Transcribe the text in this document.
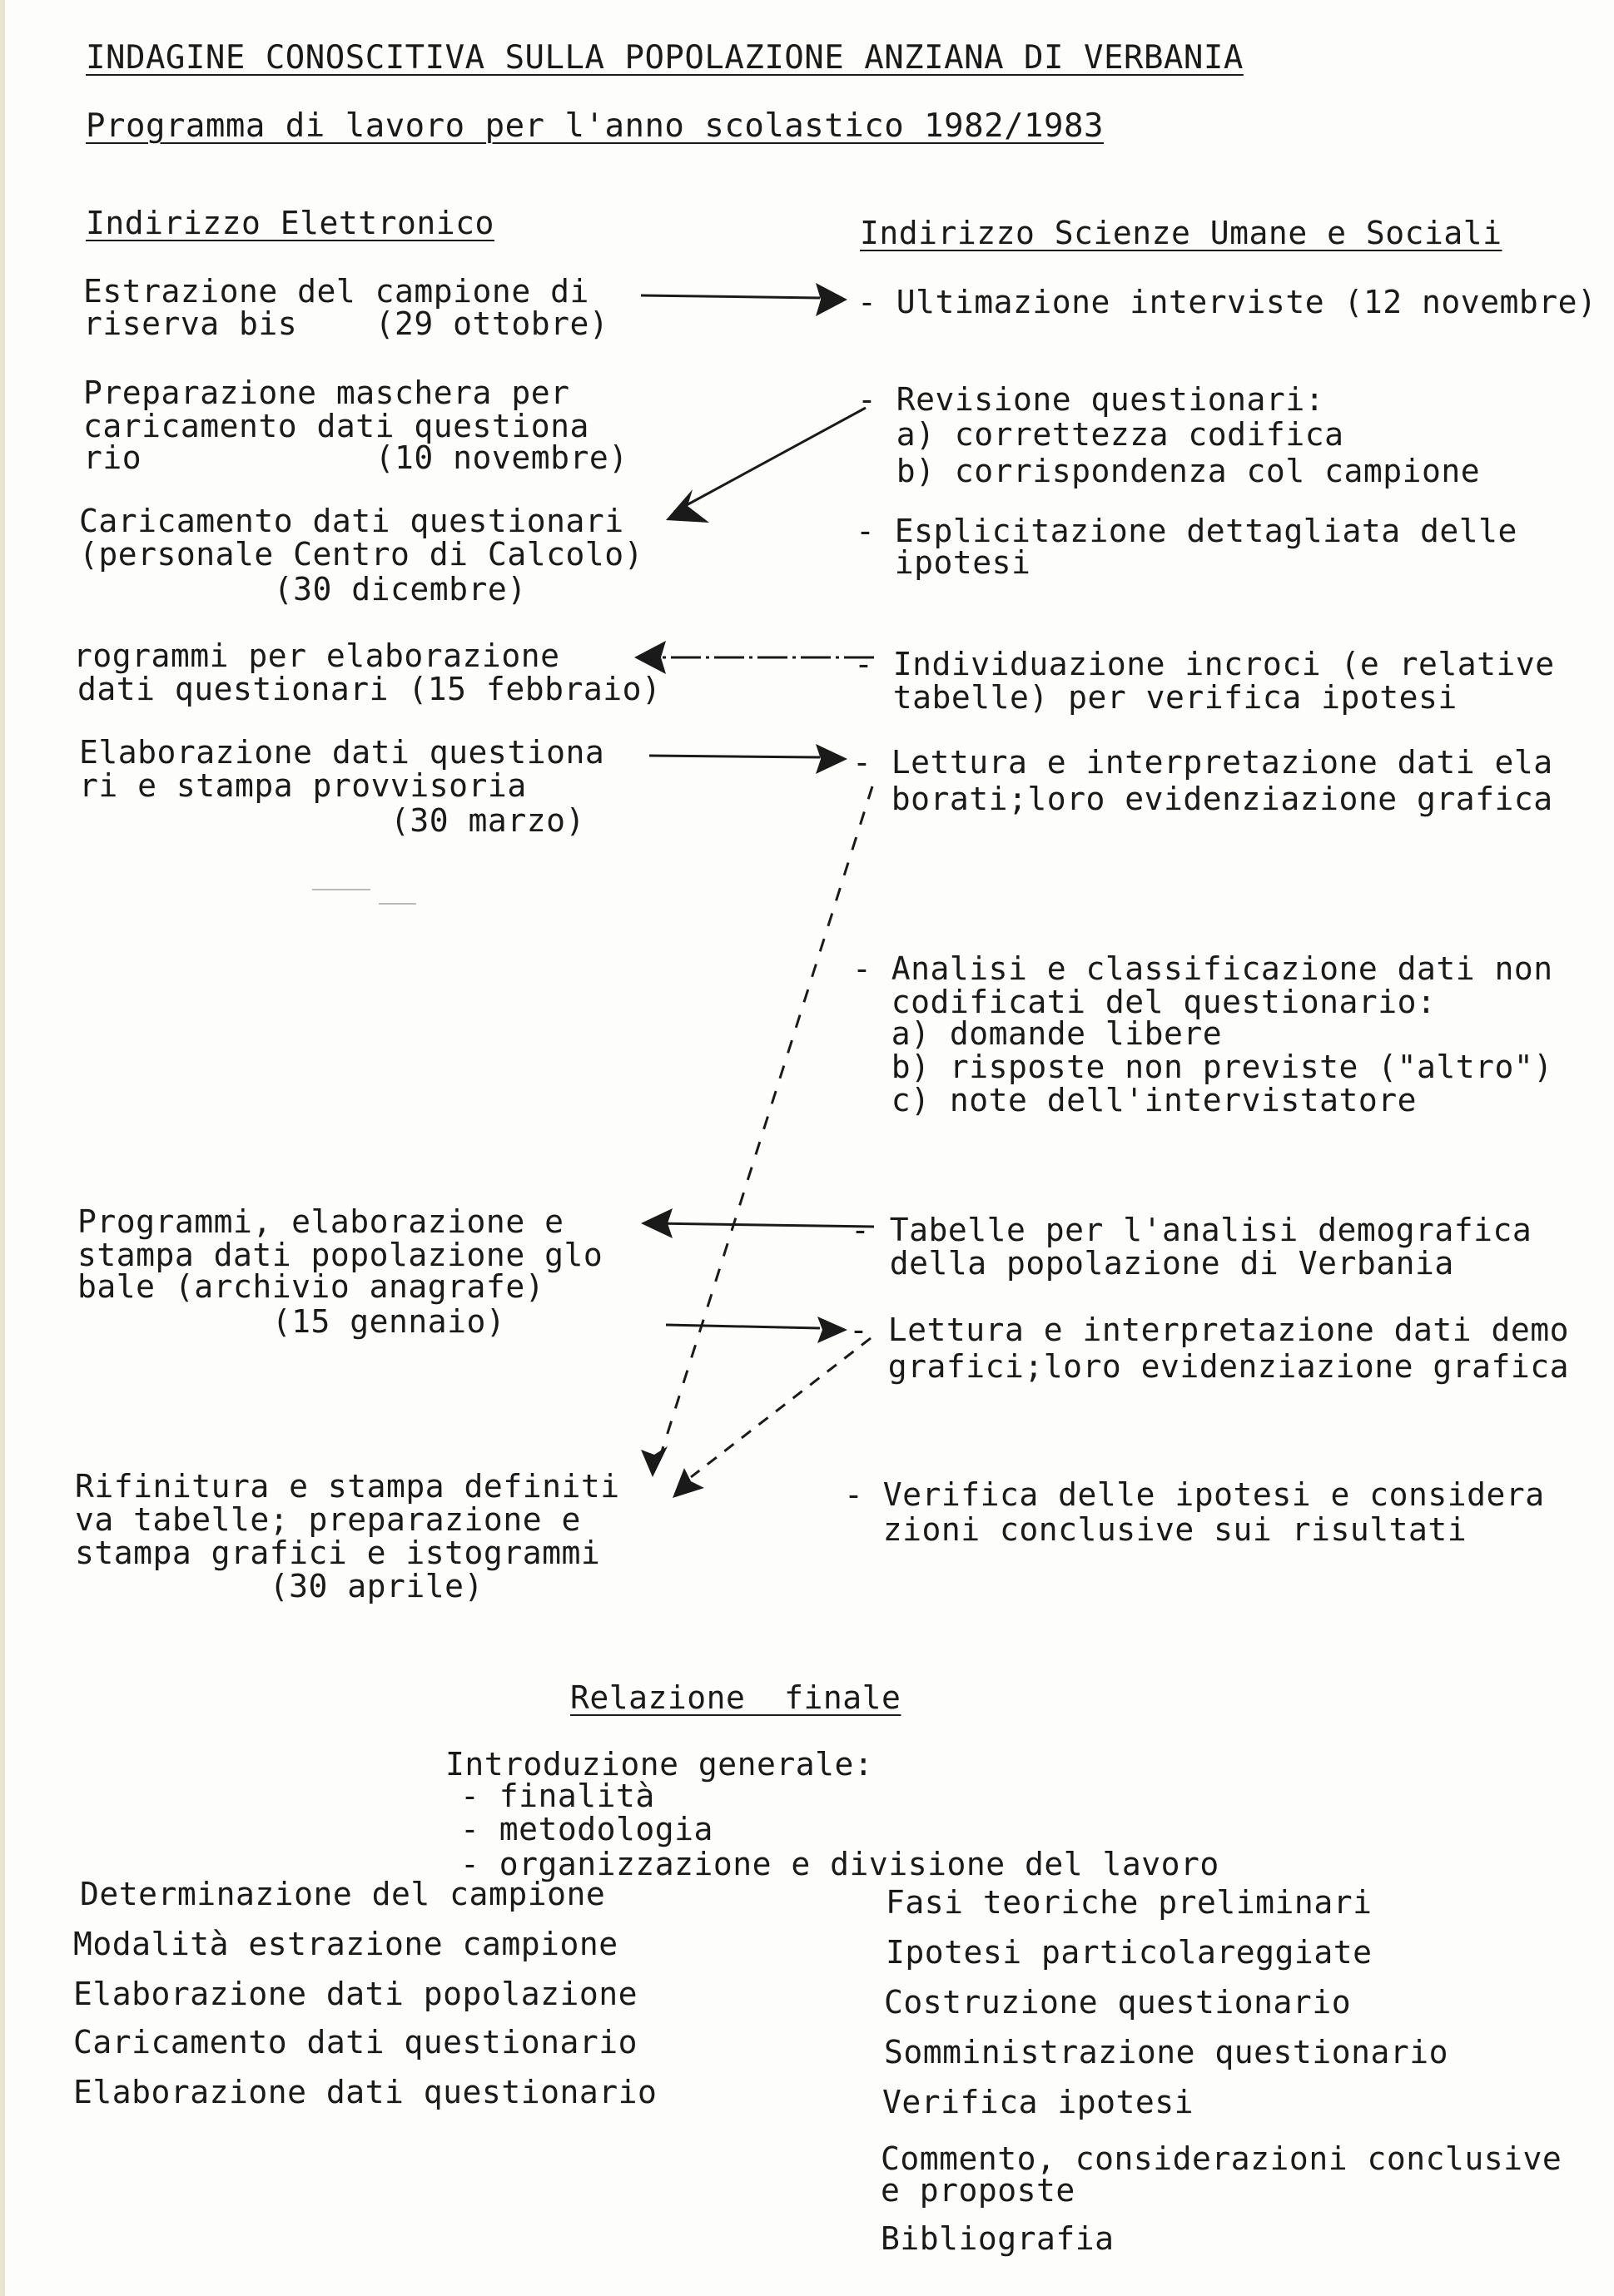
INDAGINE CONOSCITIVA SULLA POPOLAZIONE ANZIANA DI VERBANIA
Programma di lavoro per l'anno scolastico 1982/1983
Indirizzo Elettronico	Indirizzo Scienze Umane e Sociali
Estrazione del campione di
riserva bis    (29 ottobre)
Preparazione maschera per
caricamento dati questiona
rio            (10 novembre)
Caricamento dati questionari
(personale Centro di Calcolo)
(30 dicembre)
rogrammi per elaborazione
dati questionari (15 febbraio)
Elaborazione dati questiona
ri e stampa provvisoria
(30 marzo)
Programmi, elaborazione e
stampa dati popolazione glo
bale (archivio anagrafe)
(15 gennaio)
Rifinitura e stampa definiti
va tabelle; preparazione e
stampa grafici e istogrammi
(30 aprile)
- Ultimazione interviste (12 novembre)
- Revisione questionari:
a) correttezza codifica
b) corrispondenza col campione
- Esplicitazione dettagliata delle
ipotesi
- Individuazione incroci (e relative
tabelle) per verifica ipotesi
- Lettura e interpretazione dati ela
borati;loro evidenziazione grafica
- Analisi e classificazione dati non
codificati del questionario:
a) domande libere
b) risposte non previste ("altro")
c) note dell'intervistatore
- Tabelle per l'analisi demografica
della popolazione di Verbania
- Lettura e interpretazione dati demo
grafici;loro evidenziazione grafica
- Verifica delle ipotesi e considera
zioni conclusive sui risultati
Relazione  finale
Introduzione generale:
- finalità
- metodologia
- organizzazione e divisione del lavoro
Determinazione del campione
Modalità estrazione campione
Elaborazione dati popolazione
Caricamento dati questionario
Elaborazione dati questionario
Fasi teoriche preliminari
Ipotesi particolareggiate
Costruzione questionario
Somministrazione questionario
Verifica ipotesi
Commento, considerazioni conclusive
e proposte
Bibliografia
